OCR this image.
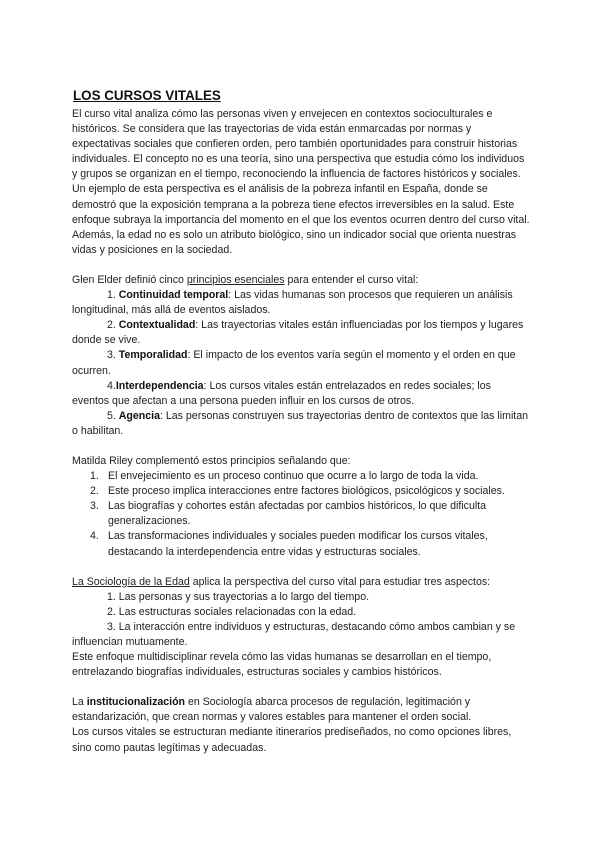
LOS CURSOS VITALES

El curso vital analiza cómo las personas viven y envejecen en contextos socioculturales e históricos. Se considera que las trayectorias de vida están enmarcadas por normas y expectativas sociales que confieren orden, pero también oportunidades para construir historias individuales. El concepto no es una teoría, sino una perspectiva que estudia cómo los individuos y grupos se organizan en el tiempo, reconociendo la influencia de factores históricos y sociales.

Un ejemplo de esta perspectiva es el análisis de la pobreza infantil en España, donde se demostró que la exposición temprana a la pobreza tiene efectos irreversibles en la salud. Este enfoque subraya la importancia del momento en el que los eventos ocurren dentro del curso vital. Además, la edad no es solo un atributo biológico, sino un indicador social que orienta nuestras vidas y posiciones en la sociedad.

Glen Elder definió cinco principios esenciales para entender el curso vital:

1. Continuidad temporal: Las vidas humanas son procesos que requieren un análisis longitudinal, más allá de eventos aislados.

2. Contextualidad: Las trayectorias vitales están influenciadas por los tiempos y lugares donde se vive.

3. Temporalidad: El impacto de los eventos varía según el momento y el orden en que ocurren.

4.Interdependencia: Los cursos vitales están entrelazados en redes sociales; los eventos que afectan a una persona pueden influir en los cursos de otros.

5. Agencia: Las personas construyen sus trayectorias dentro de contextos que las limitan o habilitan.

Matilda Riley complementó estos principios señalando que:

1. El envejecimiento es un proceso continuo que ocurre a lo largo de toda la vida.
2. Este proceso implica interacciones entre factores biológicos, psicológicos y sociales.
3. Las biografías y cohortes están afectadas por cambios históricos, lo que dificulta generalizaciones.
4. Las transformaciones individuales y sociales pueden modificar los cursos vitales, destacando la interdependencia entre vidas y estructuras sociales.

La Sociología de la Edad aplica la perspectiva del curso vital para estudiar tres aspectos:

1. Las personas y sus trayectorias a lo largo del tiempo.

2. Las estructuras sociales relacionadas con la edad.

3. La interacción entre individuos y estructuras, destacando cómo ambos cambian y se influencian mutuamente.

Este enfoque multidisciplinar revela cómo las vidas humanas se desarrollan en el tiempo, entrelazando biografías individuales, estructuras sociales y cambios históricos.

La institucionalización en Sociología abarca procesos de regulación, legitimación y estandarización, que crean normas y valores estables para mantener el orden social.

Los cursos vitales se estructuran mediante itinerarios prediseñados, no como opciones libres, sino como pautas legítimas y adecuadas.
